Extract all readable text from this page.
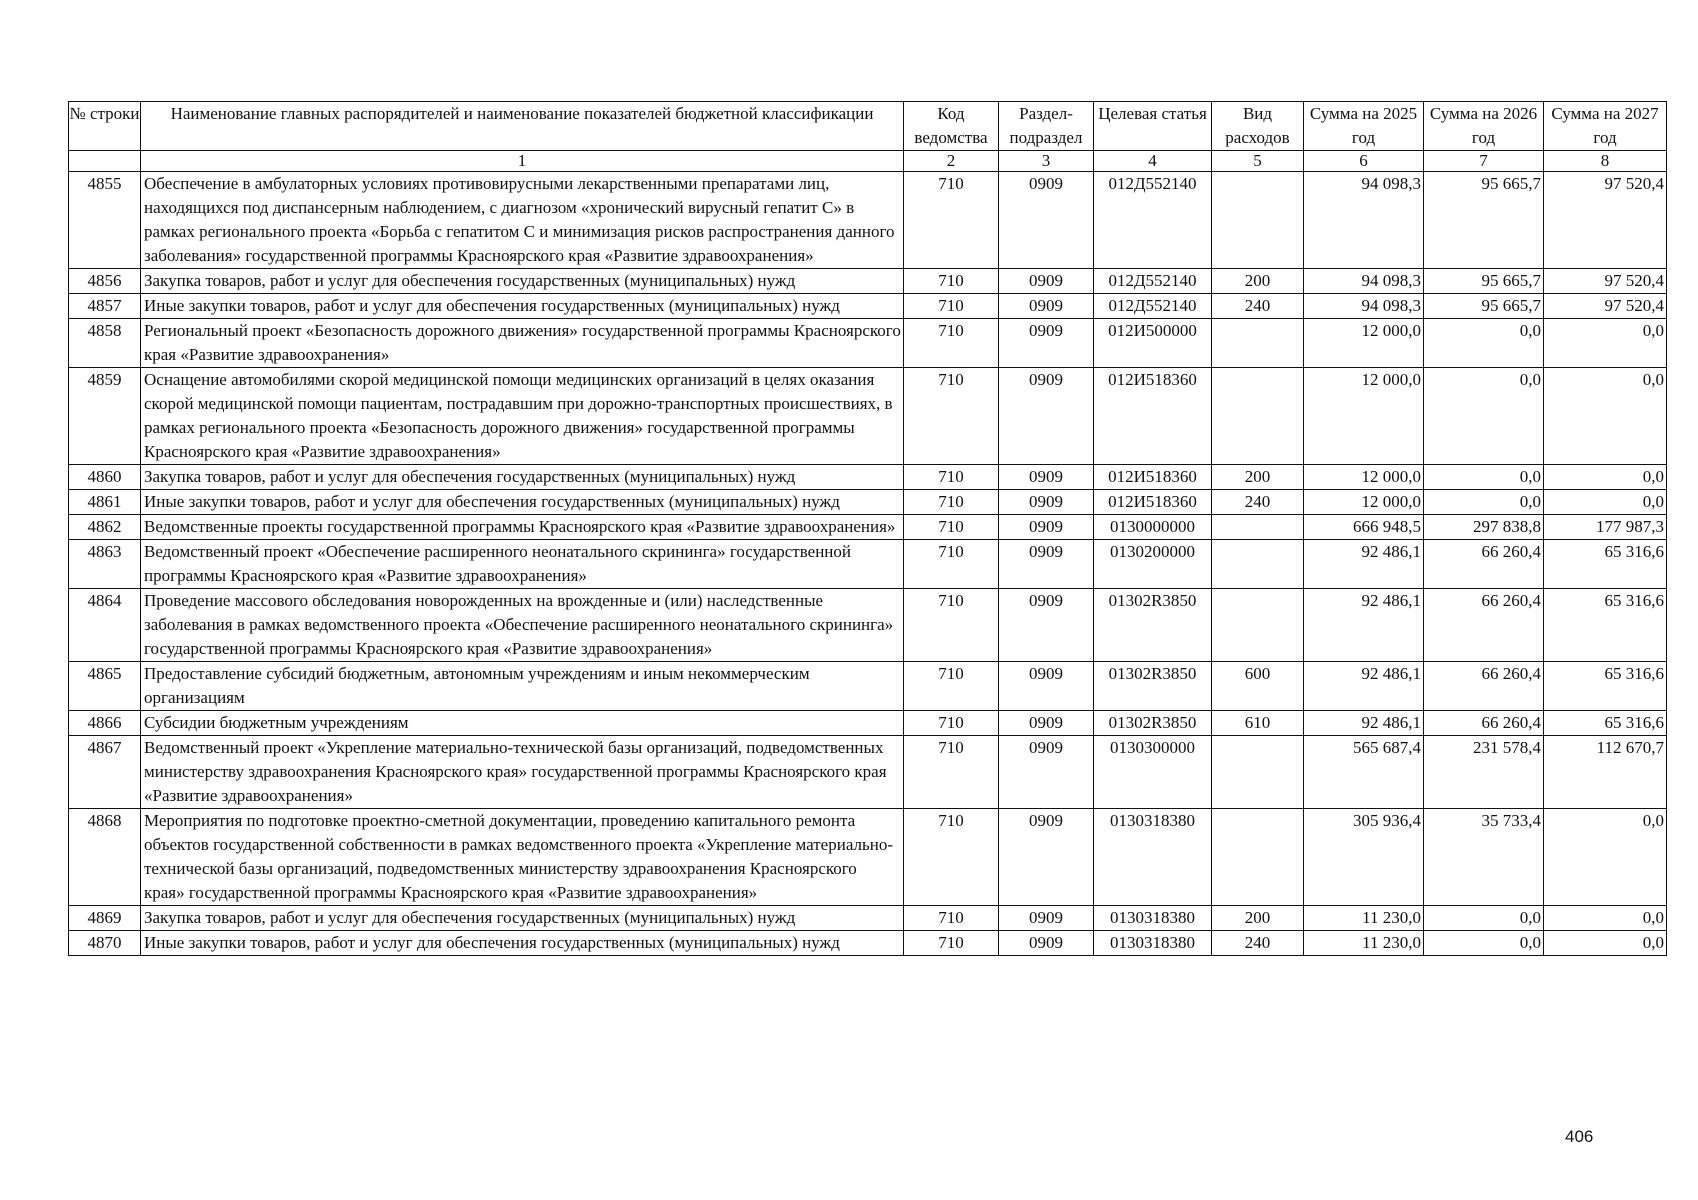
№ строки	Наименование главных распорядителей и наименование показателей бюджетной классификации	Код ведомства	Раздел-подраздел	Целевая статья	Вид расходов	Сумма на 2025 год	Сумма на 2026 год	Сумма на 2027 год
	1	2	3	4	5	6	7	8
4855	Обеспечение в амбулаторных условиях противовирусными лекарственными препаратами лиц, находящихся под диспансерным наблюдением, с диагнозом «хронический вирусный гепатит С» в рамках регионального проекта «Борьба с гепатитом С и минимизация рисков распространения данного заболевания» государственной программы Красноярского края «Развитие здравоохранения»	710	0909	012Д552140		94 098,3	95 665,7	97 520,4
4856	Закупка товаров, работ и услуг для обеспечения государственных (муниципальных) нужд	710	0909	012Д552140	200	94 098,3	95 665,7	97 520,4
4857	Иные закупки товаров, работ и услуг для обеспечения государственных (муниципальных) нужд	710	0909	012Д552140	240	94 098,3	95 665,7	97 520,4
4858	Региональный проект «Безопасность дорожного движения» государственной программы Красноярского края «Развитие здравоохранения»	710	0909	012И500000		12 000,0	0,0	0,0
4859	Оснащение автомобилями скорой медицинской помощи медицинских организаций в целях оказания скорой медицинской помощи пациентам, пострадавшим при дорожно-транспортных происшествиях, в рамках регионального проекта «Безопасность дорожного движения» государственной программы Красноярского края «Развитие здравоохранения»	710	0909	012И518360		12 000,0	0,0	0,0
4860	Закупка товаров, работ и услуг для обеспечения государственных (муниципальных) нужд	710	0909	012И518360	200	12 000,0	0,0	0,0
4861	Иные закупки товаров, работ и услуг для обеспечения государственных (муниципальных) нужд	710	0909	012И518360	240	12 000,0	0,0	0,0
4862	Ведомственные проекты государственной программы Красноярского края «Развитие здравоохранения»	710	0909	0130000000		666 948,5	297 838,8	177 987,3
4863	Ведомственный проект «Обеспечение расширенного неонатального скрининга» государственной программы Красноярского края «Развитие здравоохранения»	710	0909	0130200000		92 486,1	66 260,4	65 316,6
4864	Проведение массового обследования новорожденных на врожденные и (или) наследственные заболевания в рамках ведомственного проекта «Обеспечение расширенного неонатального скрининга» государственной программы Красноярского края «Развитие здравоохранения»	710	0909	01302R3850		92 486,1	66 260,4	65 316,6
4865	Предоставление субсидий бюджетным, автономным учреждениям и иным некоммерческим организациям	710	0909	01302R3850	600	92 486,1	66 260,4	65 316,6
4866	Субсидии бюджетным учреждениям	710	0909	01302R3850	610	92 486,1	66 260,4	65 316,6
4867	Ведомственный проект «Укрепление материально-технической базы организаций, подведомственных министерству здравоохранения Красноярского края» государственной программы Красноярского края «Развитие здравоохранения»	710	0909	0130300000		565 687,4	231 578,4	112 670,7
4868	Мероприятия по подготовке проектно-сметной документации, проведению капитального ремонта объектов государственной собственности в рамках ведомственного проекта «Укрепление материально-технической базы организаций, подведомственных министерству здравоохранения Красноярского края» государственной программы Красноярского края «Развитие здравоохранения»	710	0909	0130318380		305 936,4	35 733,4	0,0
4869	Закупка товаров, работ и услуг для обеспечения государственных (муниципальных) нужд	710	0909	0130318380	200	11 230,0	0,0	0,0
4870	Иные закупки товаров, работ и услуг для обеспечения государственных (муниципальных) нужд	710	0909	0130318380	240	11 230,0	0,0	0,0
406
